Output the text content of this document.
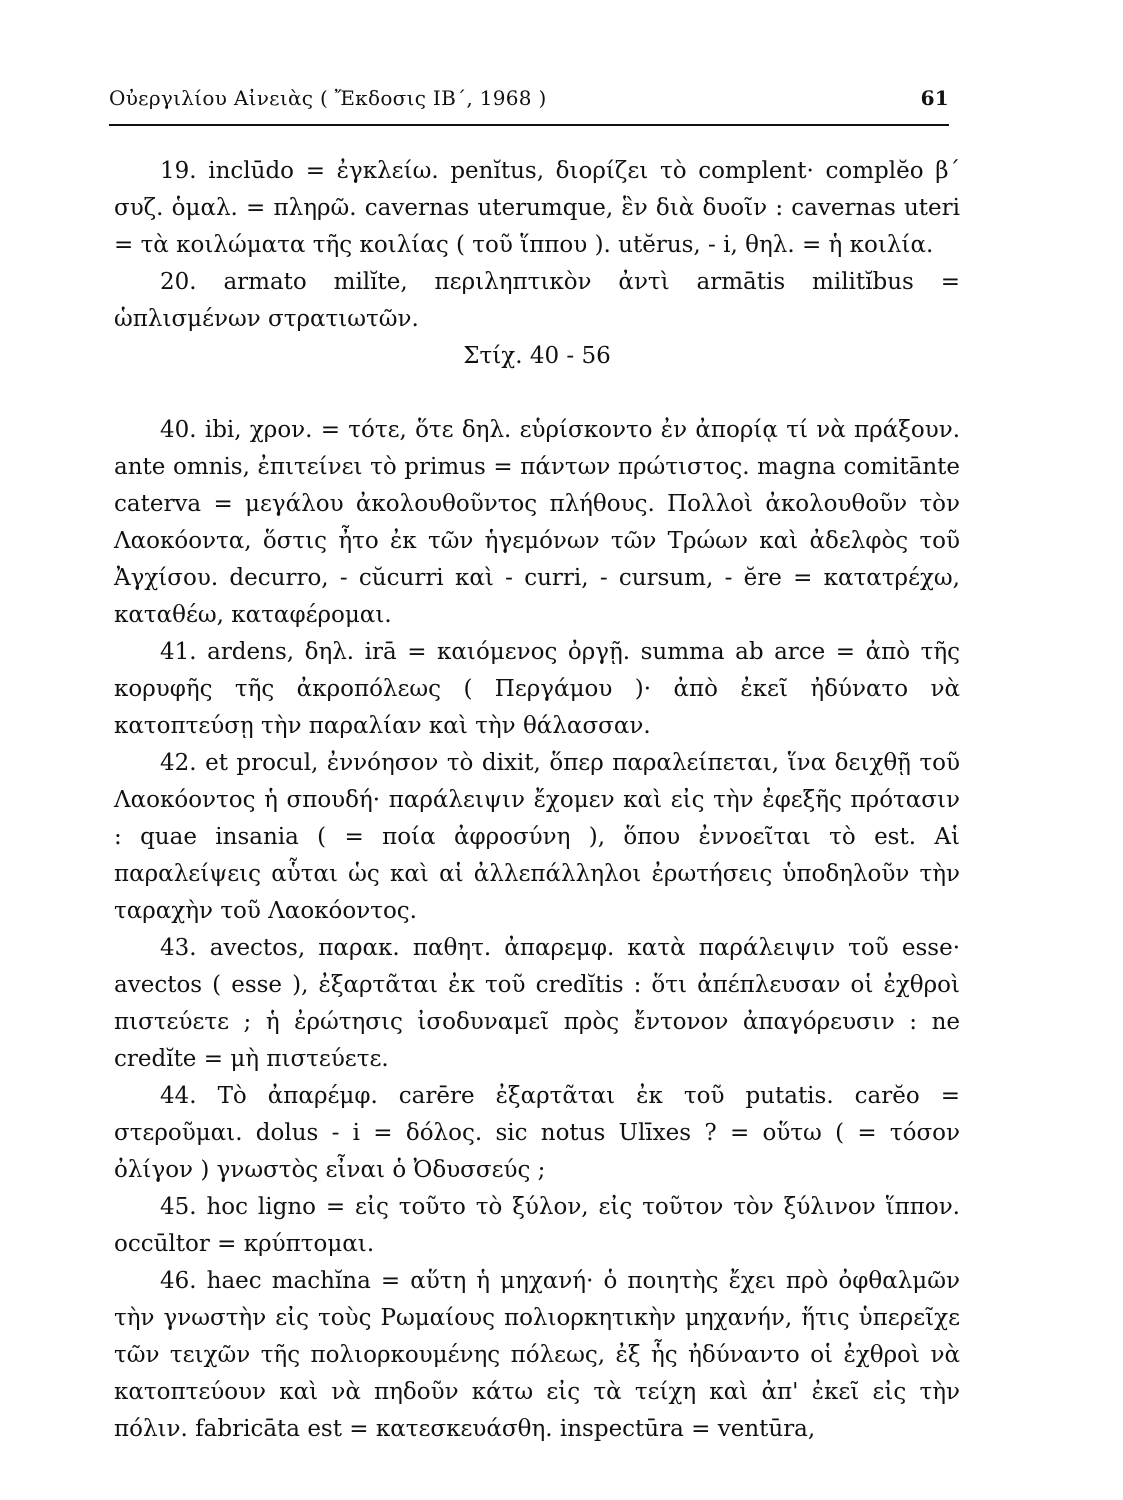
Οὐεργιλίου Αἰνειὰς ( Ἔκδοσις ΙΒ΄, 1968 )	61

19. inclūdo = ἐγκλείω. penĭtus, διορίζει τὸ complent· complĕo β΄ συζ. ὁμαλ. = πληρῶ. cavernas uterumque, ἓν διὰ δυοῖν : cavernas uteri = τὰ κοιλώματα τῆς κοιλίας ( τοῦ ἵππου ). utĕrus, - i, θηλ. = ἡ κοιλία.

20. armato milĭte, περιληπτικὸν ἀντὶ armātis militĭbus = ὡπλισμένων στρατιωτῶν.

Στίχ. 40 - 56

40. ibi, χρον. = τότε, ὅτε δηλ. εὑρίσκοντο ἐν ἀπορίᾳ τί νὰ πράξουν. ante omnis, ἐπιτείνει τὸ primus = πάντων πρώτιστος. magna comitānte caterva = μεγάλου ἀκολουθοῦντος πλήθους. Πολλοὶ ἀκολουθοῦν τὸν Λαοκόοντα, ὅστις ἦτο ἐκ τῶν ἡγεμόνων τῶν Τρώων καὶ ἀδελφὸς τοῦ Ἀγχίσου. decurro, - cŭcurri καὶ - curri, - cursum, - ĕre = κατατρέχω, καταθέω, καταφέρομαι.

41. ardens, δηλ. irā = καιόμενος ὀργῇ. summa ab arce = ἀπὸ τῆς κορυφῆς τῆς ἀκροπόλεως ( Περγάμου )· ἀπὸ ἐκεῖ ἠδύνατο νὰ κατοπτεύσῃ τὴν παραλίαν καὶ τὴν θάλασσαν.

42. et procul, ἐννόησον τὸ dixit, ὅπερ παραλείπεται, ἵνα δειχθῇ τοῦ Λαοκόοντος ἡ σπουδή· παράλειψιν ἔχομεν καὶ εἰς τὴν ἐφεξῆς πρότασιν : quae insania ( = ποία ἀφροσύνη ), ὅπου ἐννοεῖται τὸ est. Αἱ παραλείψεις αὗται ὡς καὶ αἱ ἀλλεπάλληλοι ἐρωτήσεις ὑποδηλοῦν τὴν ταραχὴν τοῦ Λαοκόοντος.

43. avectos, παρακ. παθητ. ἀπαρεμφ. κατὰ παράλειψιν τοῦ esse· avectos ( esse ), ἐξαρτᾶται ἐκ τοῦ credĭtis : ὅτι ἀπέπλευσαν οἱ ἐχθροὶ πιστεύετε ; ἡ ἐρώτησις ἰσοδυναμεῖ πρὸς ἔντονον ἀπαγόρευσιν : ne credĭte = μὴ πιστεύετε.

44. Τὸ ἀπαρέμφ. carēre ἐξαρτᾶται ἐκ τοῦ putatis. carĕo = στεροῦμαι. dolus - i = δόλος. sic notus Ulīxes ? = οὕτω ( = τόσον ὀλίγον ) γνωστὸς εἶναι ὁ Ὀδυσσεύς ;

45. hoc ligno = εἰς τοῦτο τὸ ξύλον, εἰς τοῦτον τὸν ξύλινον ἵππον. occūltor = κρύπτομαι.

46. haec machĭna = αὕτη ἡ μηχανή· ὁ ποιητὴς ἔχει πρὸ ὀφθαλμῶν τὴν γνωστὴν εἰς τοὺς Ρωμαίους πολιορκητικὴν μηχανήν, ἥτις ὑπερεῖχε τῶν τειχῶν τῆς πολιορκουμένης πόλεως, ἐξ ἧς ἠδύναντο οἱ ἐχθροὶ νὰ κατοπτεύουν καὶ νὰ πηδοῦν κάτω εἰς τὰ τείχη καὶ ἀπ' ἐκεῖ εἰς τὴν πόλιν. fabricāta est = κατεσκευάσθη. inspectūra = ventūra,
